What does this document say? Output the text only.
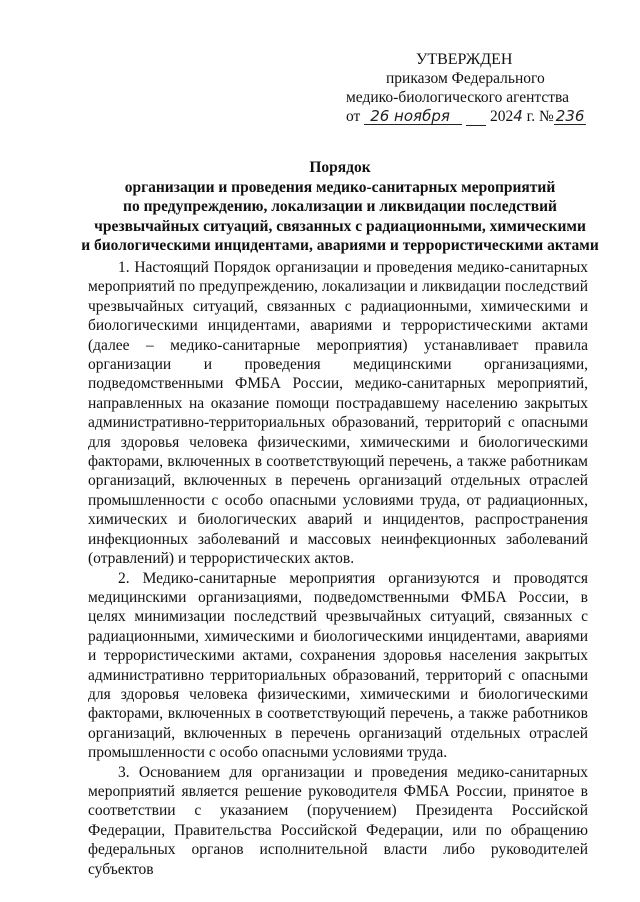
УТВЕРЖДЕН
приказом Федерального
медико-биологического агентства
от 26 ноября	2024 г. № 236
Порядок
организации и проведения медико-санитарных мероприятий
по предупреждению, локализации и ликвидации последствий
чрезвычайных ситуаций, связанных с радиационными, химическими
и биологическими инцидентами, авариями и террористическими актами

1. Настоящий Порядок организации и проведения медико-санитарных мероприятий по предупреждению, локализации и ликвидации последствий чрезвычайных ситуаций, связанных с радиационными, химическими и биологическими инцидентами, авариями и террористическими актами (далее – медико-санитарные мероприятия) устанавливает правила организации и проведения медицинскими организациями, подведомственными ФМБА России, медико-санитарных мероприятий, направленных на оказание помощи пострадавшему населению закрытых административно-территориальных образований, территорий с опасными для здоровья человека физическими, химическими и биологическими факторами, включенных в соответствующий перечень, а также работникам организаций, включенных в перечень организаций отдельных отраслей промышленности с особо опасными условиями труда, от радиационных, химических и биологических аварий и инцидентов, распространения инфекционных заболеваний и массовых неинфекционных заболеваний (отравлений) и террористических актов.

2. Медико-санитарные мероприятия организуются и проводятся медицинскими организациями, подведомственными ФМБА России, в целях минимизации последствий чрезвычайных ситуаций, связанных с радиационными, химическими и биологическими инцидентами, авариями и террористическими актами, сохранения здоровья населения закрытых административно территориальных образований, территорий с опасными для здоровья человека физическими, химическими и биологическими факторами, включенных в соответствующий перечень, а также работников организаций, включенных в перечень организаций отдельных отраслей промышленности с особо опасными условиями труда.

3. Основанием для организации и проведения медико-санитарных мероприятий является решение руководителя ФМБА России, принятое в соответствии с указанием (поручением) Президента Российской Федерации, Правительства Российской Федерации, или по обращению федеральных органов исполнительной власти либо руководителей субъектов
